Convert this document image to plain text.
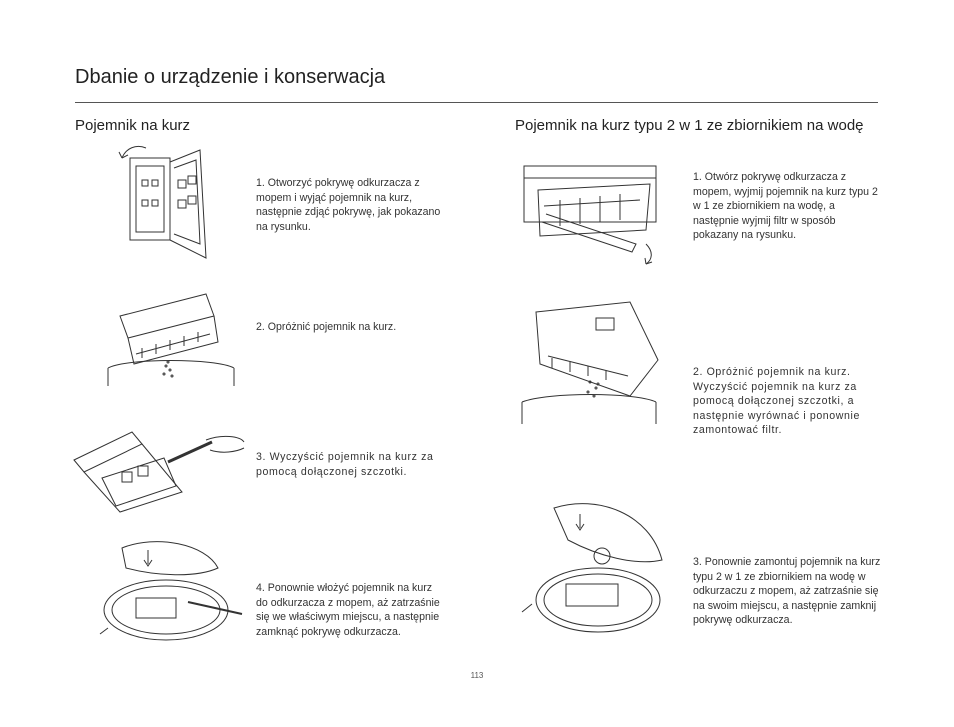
Dbanie o urządzenie i konserwacja
Pojemnik na kurz	Pojemnik na kurz typu 2 w 1 ze zbiornikiem na wodę

1. Otworzyć pokrywę odkurzacza z mopem i wyjąć pojemnik na kurz, następnie zdjąć pokrywę, jak pokazano na rysunku.

2. Opróżnić pojemnik na kurz.

3. Wyczyścić pojemnik na kurz za pomocą dołączonej szczotki.

4. Ponownie włożyć pojemnik na kurz do odkurzacza z mopem, aż zatrzaśnie się we właściwym miejscu, a następnie zamknąć pokrywę odkurzacza.

1. Otwórz pokrywę odkurzacza z mopem, wyjmij pojemnik na kurz typu 2 w 1 ze zbiornikiem na wodę, a następnie wyjmij filtr w sposób pokazany na rysunku.

2. Opróżnić pojemnik na kurz. Wyczyścić pojemnik na kurz za pomocą dołączonej szczotki, a następnie wyrównać i ponownie zamontować filtr.

3. Ponownie zamontuj pojemnik na kurz typu 2 w 1 ze zbiornikiem na wodę w odkurzaczu z mopem, aż zatrzaśnie się na swoim miejscu, a następnie zamknij pokrywę odkurzacza.

113
